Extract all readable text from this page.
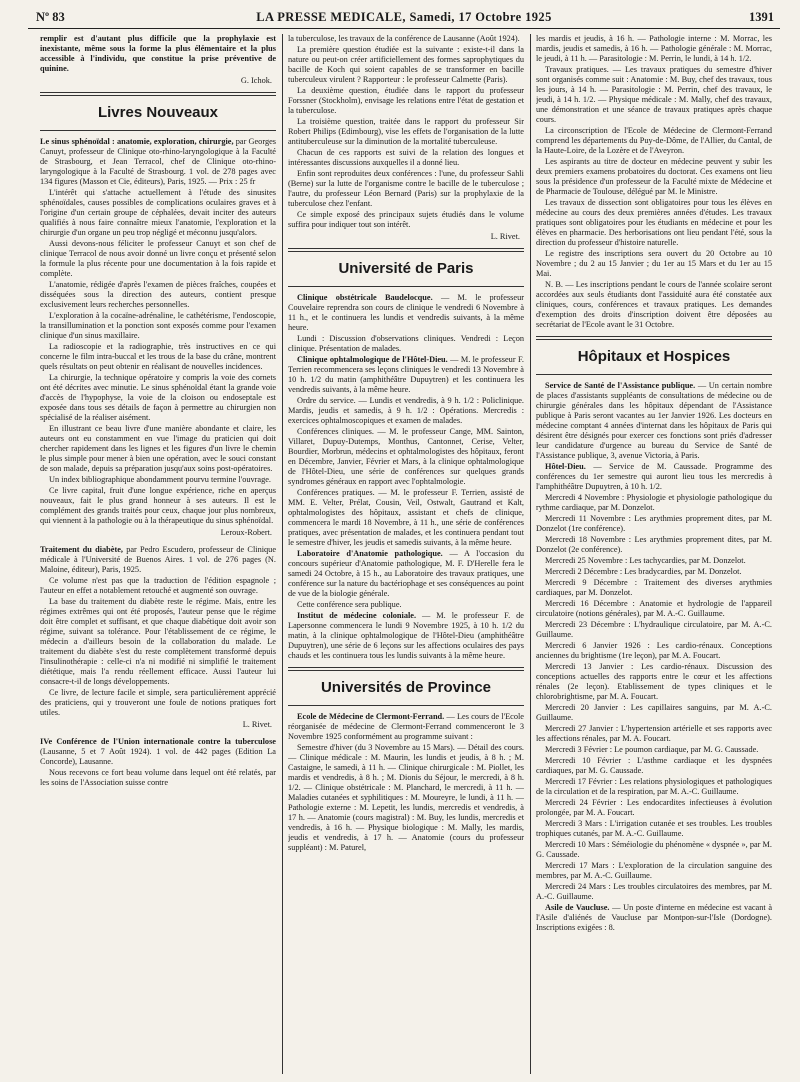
Nº 83	LA PRESSE MEDICALE, Samedi, 17 Octobre 1925	1391

remplir est d'autant plus difficile que la prophylaxie est inexistante, même sous la forme la plus élémentaire et la plus accessible à l'individu, que constitue la prise préventive de quinine.

G. Ichok.

Livres Nouveaux

Le sinus sphénoïdal : anatomie, exploration, chirurgie, par Georges Canuyt, professeur de Clinique oto-rhino-laryngologique à la Faculté de Strasbourg, et Jean Terracol, chef de Clinique oto-rhino-laryngologique à la Faculté de Strasbourg. 1 vol. de 278 pages avec 134 figures (Masson et Cie, éditeurs), Paris, 1925. — Prix : 25 fr

L'intérêt qui s'attache actuellement à l'étude des sinusites sphénoïdales, causes possibles de complications oculaires graves et à l'origine d'un certain groupe de céphalées, devait inciter des auteurs qualifiés à nous faire connaître mieux l'anatomie, l'exploration et la chirurgie d'un organe un peu trop négligé et méconnu jusqu'alors.

Aussi devons-nous féliciter le professeur Canuyt et son chef de clinique Terracol de nous avoir donné un livre conçu et présenté selon la formule la plus récente pour une documentation à la fois rapide et complète.

L'anatomie, rédigée d'après l'examen de pièces fraîches, coupées et disséquées sous la direction des auteurs, contient presque exclusivement leurs recherches personnelles.

L'exploration à la cocaïne-adrénaline, le cathétérisme, l'endoscopie, la transillumination et la ponction sont exposés comme pour l'examen clinique d'un sinus maxillaire.

La radioscopie et la radiographie, très instructives en ce qui concerne le film intra-buccal et les trous de la base du crâne, montrent quels résultats on peut obtenir en réalisant de nouvelles incidences.

La chirurgie, la technique opératoire y compris la voie des cornets ont été décrites avec minutie. Le sinus sphénoïdal étant la grande voie d'accès de l'hypophyse, la voie de la cloison ou endoseptale est exposée dans tous ses détails de façon à permettre au chirurgien non spécialisé de la réaliser aisément.

En illustrant ce beau livre d'une manière abondante et claire, les auteurs ont eu constamment en vue l'image du praticien qui doit chercher rapidement dans les lignes et les figures d'un livre le chemin le plus simple pour mener à bien une opération, avec le souci constant de son malade, depuis sa préparation jusqu'aux soins post-opératoires.

Un index bibliographique abondamment pourvu termine l'ouvrage.

Ce livre capital, fruit d'une longue expérience, riche en aperçus nouveaux, fait le plus grand honneur à ses auteurs. Il est le complément des grands traités pour ceux, chaque jour plus nombreux, qui viennent à la pathologie ou à la thérapeutique du sinus sphénoïdal.

Leroux-Robert.

Traitement du diabète, par Pedro Escudero, professeur de Clinique médicale à l'Université de Buenos Aires. 1 vol. de 276 pages (N. Maloine, éditeur), Paris, 1925.

Ce volume n'est pas que la traduction de l'édition espagnole ; l'auteur en effet a notablement retouché et augmenté son ouvrage.

La base du traitement du diabète reste le régime. Mais, entre les régimes extrêmes qui ont été proposés, l'auteur pense que le régime doit être complet et suffisant, et que chaque diabétique doit avoir son régime, suivant sa tolérance. Pour l'établissement de ce régime, le médecin a d'ailleurs besoin de la collaboration du malade. Le traitement du diabète s'est du reste complètement transformé depuis l'insulinothérapie : celle-ci n'a ni modifié ni simplifié le traitement diététique, mais l'a rendu réellement efficace. Aussi l'auteur lui consacre-t-il de longs développements.

Ce livre, de lecture facile et simple, sera particulièrement apprécié des praticiens, qui y trouveront une foule de notions pratiques fort utiles.

L. Rivet.

IVe Conférence de l'Union internationale contre la tuberculose (Lausanne, 5 et 7 Août 1924). 1 vol. de 442 pages (Edition La Concorde), Lausanne.

Nous recevons ce fort beau volume dans lequel ont été relatés, par les soins de l'Association suisse contre

la tuberculose, les travaux de la conférence de Lausanne (Août 1924).

La première question étudiée est la suivante : existe-t-il dans la nature ou peut-on créer artificiellement des formes saprophytiques du bacille de Koch qui soient capables de se transformer en bacille tuberculeux virulent ? Rapporteur : le professeur Calmette (Paris).

La deuxième question, étudiée dans le rapport du professeur Forssner (Stockholm), envisage les relations entre l'état de gestation et la tuberculose.

La troisième question, traitée dans le rapport du professeur Sir Robert Philips (Edimbourg), vise les effets de l'organisation de la lutte antituberculeuse sur la diminution de la mortalité tuberculeuse.

Chacun de ces rapports est suivi de la relation des longues et intéressantes discussions auxquelles il a donné lieu.

Enfin sont reproduites deux conférences : l'une, du professeur Sahli (Berne) sur la lutte de l'organisme contre le bacille de le tuberculose ; l'autre, du professeur Léon Bernard (Paris) sur la prophylaxie de la tuberculose chez l'enfant.

Ce simple exposé des principaux sujets étudiés dans le volume suffira pour indiquer tout son intérêt.

L. Rivet.

Université de Paris

Clinique obstétricale Baudelocque. — M. le professeur Couvelaire reprendra son cours de clinique le vendredi 6 Novembre à 11 h., et le continuera les lundis et vendredis suivants, à la même heure.

Lundi : Discussion d'observations cliniques. Vendredi : Leçon clinique. Présentation de malades.

Clinique ophtalmologique de l'Hôtel-Dieu. — M. le professeur F. Terrien recommencera ses leçons cliniques le vendredi 13 Novembre à 10 h. 1/2 du matin (amphithéâtre Dupuytren) et les continuera les vendredis suivants, à la même heure.

Ordre du service. — Lundis et vendredis, à 9 h. 1/2 : Policlinique. Mardis, jeudis et samedis, à 9 h. 1/2 : Opérations. Mercredis : exercices ophtalmoscopiques et examen de malades.

Conférences cliniques. — M. le professeur Cange, MM. Sainton, Villaret, Dupuy-Dutemps, Monthus, Cantonnet, Cerise, Velter, Bourdier, Morbrun, médecins et ophtalmologistes des hôpitaux, feront en Décembre, Janvier, Février et Mars, à la clinique ophtalmologique de l'Hôtel-Dieu, une série de conférences sur quelques grands syndromes généraux en rapport avec l'ophtalmologie.

Conférences pratiques. — M. le professeur F. Terrien, assisté de MM. E. Velter, Prélat, Cousin, Veil, Ostwalt, Gautrand et Kalt, ophtalmologistes des hôpitaux, assistant et chefs de clinique, commencera le mardi 18 Novembre, à 11 h., une série de conférences pratiques, avec présentation de malades, et les continuera pendant tout le semestre d'hiver, les jeudis et samedis suivants, à la même heure.

Laboratoire d'Anatomie pathologique. — A l'occasion du concours supérieur d'Anatomie pathologique, M. F. D'Herelle fera le samedi 24 Octobre, à 15 h., au Laboratoire des travaux pratiques, une conférence sur la nature du bactériophage et ses conséquences au point de vue de la biologie générale.

Cette conférence sera publique.

Institut de médecine coloniale. — M. le professeur F. de Lapersonne commencera le lundi 9 Novembre 1925, à 10 h. 1/2 du matin, à la clinique ophtalmologique de l'Hôtel-Dieu (amphithéâtre Dupuytren), une série de 6 leçons sur les affections oculaires des pays chauds et les continuera tous les lundis suivants à la même heure.

Universités de Province

Ecole de Médecine de Clermont-Ferrand. — Les cours de l'Ecole réorganisée de médecine de Clermont-Ferrand commenceront le 3 Novembre 1925 conformément au programme suivant :

Semestre d'hiver (du 3 Novembre au 15 Mars). — Détail des cours. — Clinique médicale : M. Maurin, les lundis et jeudis, à 8 h. ; M. Castaigne, le samedi, à 11 h. — Clinique chirurgicale : M. Piollet, les mardis et vendredis, à 8 h. ; M. Dionis du Séjour, le mercredi, à 8 h. 1/2. — Clinique obstétricale : M. Planchard, le mercredi, à 11 h. — Maladies cutanées et syphilitiques : M. Moureyre, le lundi, à 11 h. — Pathologie externe : M. Lepetit, les lundis, mercredis et vendredis, à 17 h. — Anatomie (cours magistral) : M. Buy, les lundis, mercredis et vendredis, à 16 h. — Physique biologique : M. Mally, les mardis, jeudis et vendredis, à 17 h. — Anatomie (cours du professeur suppléant) : M. Paturel,

les mardis et jeudis, à 16 h. — Pathologie interne : M. Morrac, les mardis, jeudis et samedis, à 16 h. — Pathologie générale : M. Morrac, le jeudi, à 11 h. — Parasitologie : M. Perrin, le lundi, à 14 h. 1/2.

Travaux pratiques. — Les travaux pratiques du semestre d'hiver sont organisés comme suit : Anatomie : M. Buy, chef des travaux, tous les jours, à 14 h. — Parasitologie : M. Perrin, chef des travaux, le jeudi, à 14 h. 1/2. — Physique médicale : M. Mally, chef des travaux, une démonstration et une séance de travaux pratiques après chaque cours.

La circonscription de l'Ecole de Médecine de Clermont-Ferrand comprend les départements du Puy-de-Dôme, de l'Allier, du Cantal, de la Haute-Loire, de la Lozère et de l'Aveyron.

Les aspirants au titre de docteur en médecine peuvent y subir les deux premiers examens probatoires du doctorat. Ces examens ont lieu sous la présidence d'un professeur de la Faculté mixte de Médecine et de Pharmacie de Toulouse, délégué par M. le Ministre.

Les travaux de dissection sont obligatoires pour tous les élèves en médecine au cours des deux premières années d'études. Les travaux pratiques sont obligatoires pour les étudiants en médecine et pour les élèves en pharmacie. Des herborisations ont lieu pendant l'été, sous la direction du professeur d'histoire naturelle.

Le registre des inscriptions sera ouvert du 20 Octobre au 10 Novembre ; du 2 au 15 Janvier ; du 1er au 15 Mars et du 1er au 15 Mai.

N. B. — Les inscriptions pendant le cours de l'année scolaire seront accordées aux seuls étudiants dont l'assiduité aura été constatée aux cliniques, cours, conférences et travaux pratiques. Les demandes d'exemption des droits d'inscription doivent être déposées au secrétariat de l'Ecole avant le 31 Octobre.

Hôpitaux et Hospices

Service de Santé de l'Assistance publique. — Un certain nombre de places d'assistants suppléants de consultations de médecine ou de chirurgie générales dans les hôpitaux dépendant de l'Assistance publique à Paris seront vacantes au 1er Janvier 1926. Les docteurs en médecine comptant 4 années d'internat dans les hôpitaux de Paris qui désirent être désignés pour exercer ces fonctions sont priés d'adresser leur candidature d'urgence au bureau du Service de Santé de l'Assistance publique, 3, avenue Victoria, à Paris.

Hôtel-Dieu. — Service de M. Caussade. Programme des conférences du 1er semestre qui auront lieu tous les mercredis à l'amphithéâtre Dupuytren, à 10 h. 1/2.

Mercredi 4 Novembre : Physiologie et physiologie pathologique du rythme cardiaque, par M. Donzelot.

Mercredi 11 Novembre : Les arythmies proprement dites, par M. Donzelot (1re conférence).

Mercredi 18 Novembre : Les arythmies proprement dites, par M. Donzelot (2e conférence).

Mercredi 25 Novembre : Les tachycardies, par M. Donzelot.

Mercredi 2 Décembre : Les bradycardies, par M. Donzelot.

Mercredi 9 Décembre : Traitement des diverses arythmies cardiaques, par M. Donzelot.

Mercredi 16 Décembre : Anatomie et hydrologie de l'appareil circulatoire (notions générales), par M. A.-C. Guillaume.

Mercredi 23 Décembre : L'hydraulique circulatoire, par M. A.-C. Guillaume.

Mercredi 6 Janvier 1926 : Les cardio-rénaux. Conceptions anciennes du brightisme (1re leçon), par M. A. Foucart.

Mercredi 13 Janvier : Les cardio-rénaux. Discussion des conceptions actuelles des rapports entre le cœur et les affections rénales (2e leçon). Etablissement de types cliniques et le chlorobrightisme, par M. A. Foucart.

Mercredi 20 Janvier : Les capillaires sanguins, par M. A.-C. Guillaume.

Mercredi 27 Janvier : L'hypertension artérielle et ses rapports avec les affections rénales, par M. A. Foucart.

Mercredi 3 Février : Le poumon cardiaque, par M. G. Caussade.

Mercredi 10 Février : L'asthme cardiaque et les dyspnées cardiaques, par M. G. Caussade.

Mercredi 17 Février : Les relations physiologiques et pathologiques de la circulation et de la respiration, par M. A.-C. Guillaume.

Mercredi 24 Février : Les endocardites infectieuses à évolution prolongée, par M. A. Foucart.

Mercredi 3 Mars : L'irrigation cutanée et ses troubles. Les troubles trophiques cutanés, par M. A.-C. Guillaume.

Mercredi 10 Mars : Séméiologie du phénomène « dyspnée », par M. G. Caussade.

Mercredi 17 Mars : L'exploration de la circulation sanguine des membres, par M. A.-C. Guillaume.

Mercredi 24 Mars : Les troubles circulatoires des membres, par M. A.-C. Guillaume.

Asile de Vaucluse. — Un poste d'interne en médecine est vacant à l'Asile d'aliénés de Vaucluse par Montpon-sur-l'Isle (Dordogne). Inscriptions exigées : 8.
